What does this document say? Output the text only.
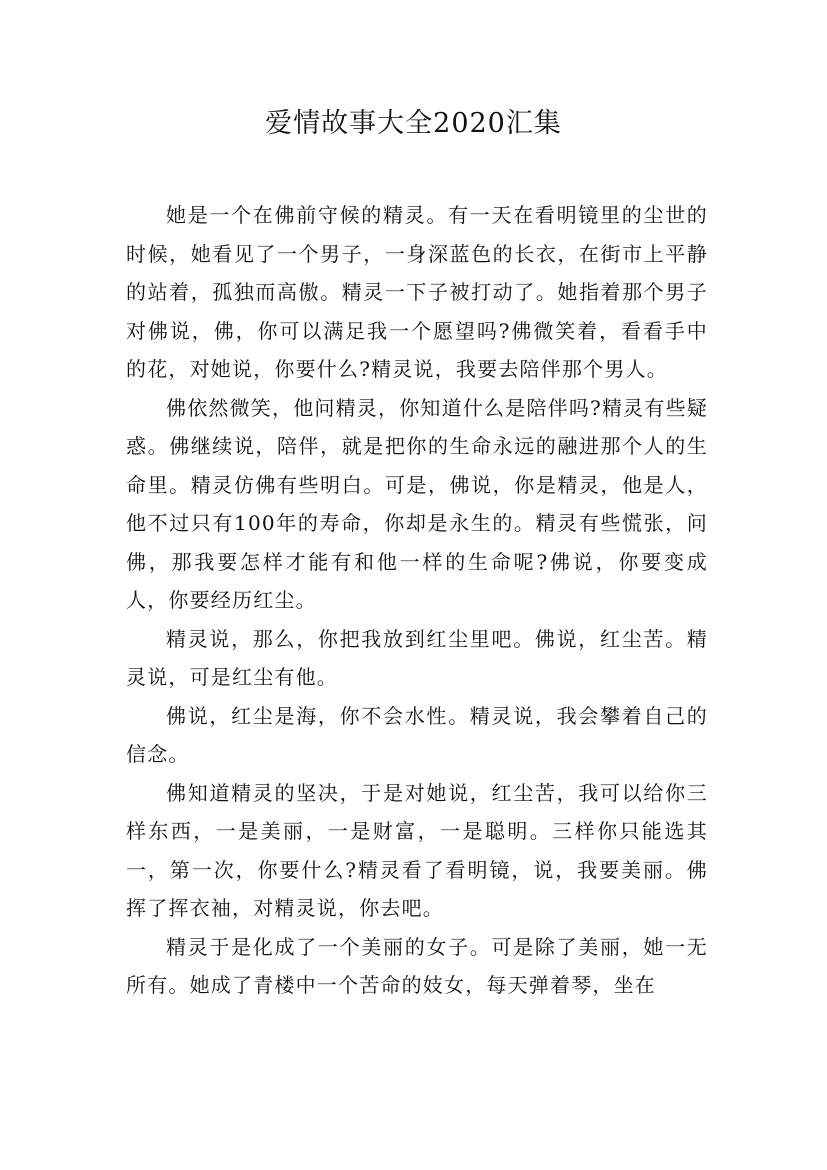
爱情故事大全2020汇集

她是一个在佛前守候的精灵。有一天在看明镜里的尘世的时候，她看见了一个男子，一身深蓝色的长衣，在街市上平静的站着，孤独而高傲。精灵一下子被打动了。她指着那个男子对佛说，佛，你可以满足我一个愿望吗?佛微笑着，看看手中的花，对她说，你要什么?精灵说，我要去陪伴那个男人。

佛依然微笑，他问精灵，你知道什么是陪伴吗?精灵有些疑惑。佛继续说，陪伴，就是把你的生命永远的融进那个人的生命里。精灵仿佛有些明白。可是，佛说，你是精灵，他是人，他不过只有100年的寿命，你却是永生的。精灵有些慌张，问佛，那我要怎样才能有和他一样的生命呢?佛说，你要变成人，你要经历红尘。

精灵说，那么，你把我放到红尘里吧。佛说，红尘苦。精灵说，可是红尘有他。

佛说，红尘是海，你不会水性。精灵说，我会攀着自己的信念。

佛知道精灵的坚决，于是对她说，红尘苦，我可以给你三样东西，一是美丽，一是财富，一是聪明。三样你只能选其一，第一次，你要什么?精灵看了看明镜，说，我要美丽。佛挥了挥衣袖，对精灵说，你去吧。

精灵于是化成了一个美丽的女子。可是除了美丽，她一无所有。她成了青楼中一个苦命的妓女，每天弹着琴，坐在
